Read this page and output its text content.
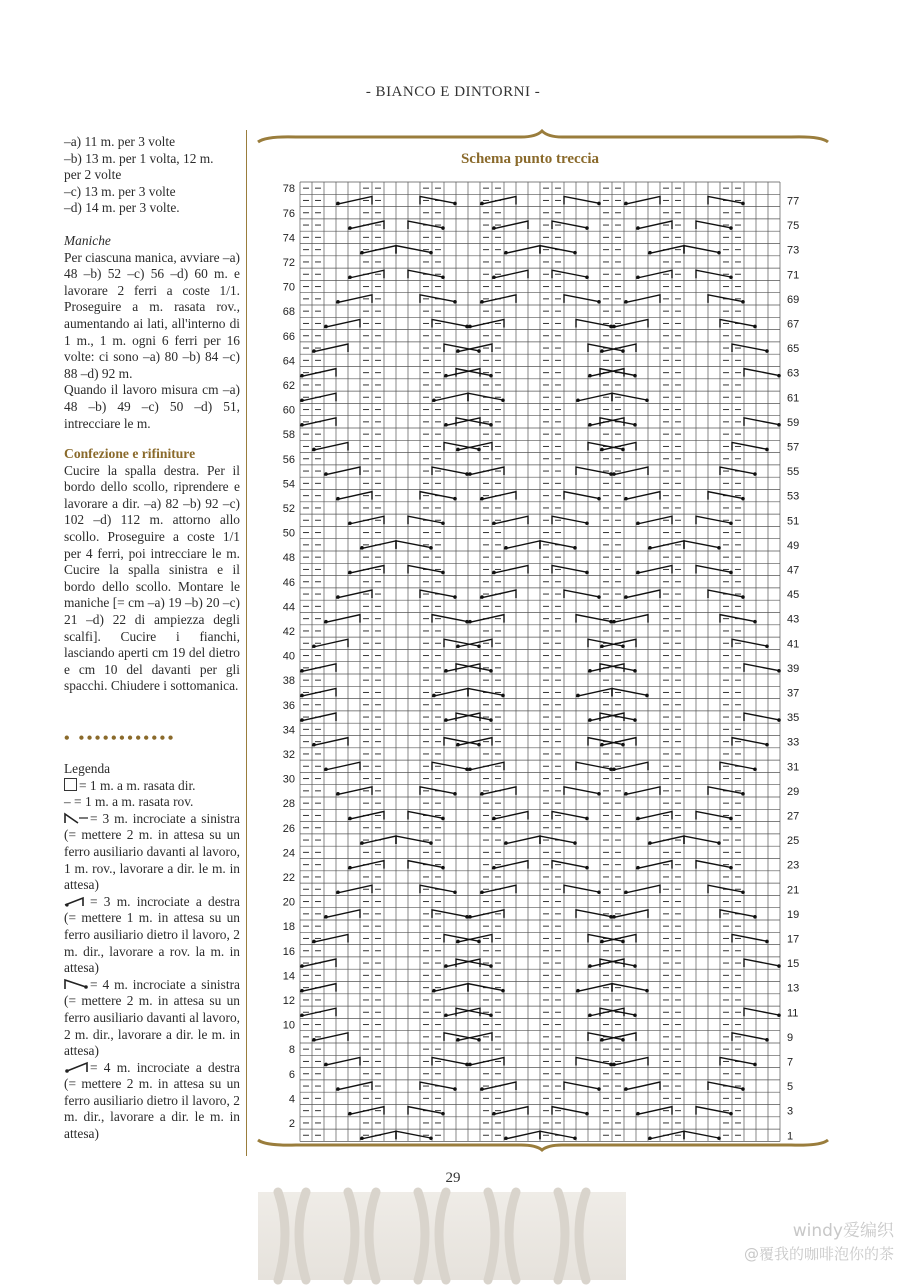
- BIANCO E DINTORNI -

–a) 11 m. per 3 volte

–b) 13 m. per 1 volta, 12 m.

per 2 volte

–c) 13 m. per 3 volte

–d) 14 m. per 3 volte.

Maniche

Per ciascuna manica, avviare –a) 48 –b) 52 –c) 56 –d) 60 m. e lavorare 2 ferri a coste 1/1. Proseguire a m. rasata rov., aumentando ai lati, all'interno di 1 m., 1 m. ogni 6 ferri per 16 volte: ci sono –a) 80 –b) 84 –c) 88 –d) 92 m.

Quando il lavoro misura cm –a) 48 –b) 49 –c) 50 –d) 51, intrecciare le m.

Confezione e rifiniture

Cucire la spalla destra. Per il bordo dello scollo, riprendere e lavorare a dir. –a) 82 –b) 92 –c) 102 –d) 112 m. attorno allo scollo. Proseguire a coste 1/1 per 4 ferri, poi intrecciare le m. Cucire la spalla sinistra e il bordo dello scollo. Montare le maniche [= cm –a) 19 –b) 20 –c) 21 –d) 22 di ampiezza degli scalfi]. Cucire i fianchi, lasciando aperti cm 19 del dietro e cm 10 del davanti per gli spacchi. Chiudere i sottomanica.

• ••••••••••••

Legenda

= 1 m. a m. rasata dir.

– = 1 m. a m. rasata rov.

= 3 m. incrociate a sinistra (= mettere 2 m. in attesa su un ferro ausiliario davanti al lavoro, 1 m. rov., lavorare a dir. le m. in attesa)

= 3 m. incrociate a destra (= mettere 1 m. in attesa su un ferro ausiliario dietro il lavoro, 2 m. dir., lavorare a rov. la m. in attesa)

= 4 m. incrociate a sinistra (= mettere 2 m. in attesa su un ferro ausiliario davanti al lavoro, 2 m. dir., lavorare a dir. le m. in attesa)

= 4 m. incrociate a destra (= mettere 2 m. in attesa su un ferro ausiliario dietro il lavoro, 2 m. dir., lavorare a dir. le m. in attesa)

Schema punto treccia
2
4
6
8
10
12
14
16
18
20
22
24
26
28
30
32
34
36
38
40
42
44
46
48
50
52
54
56
58
60
62
64
66
68
70
72
74
76
78
1
3
5
7
9
11
13
15
17
19
21
23
25
27
29
31
33
35
37
39
41
43
45
47
49
51
53
55
57
59
61
63
65
67
69
71
73
75
77
29
windy爱编织
@覆我的咖啡泡你的茶
